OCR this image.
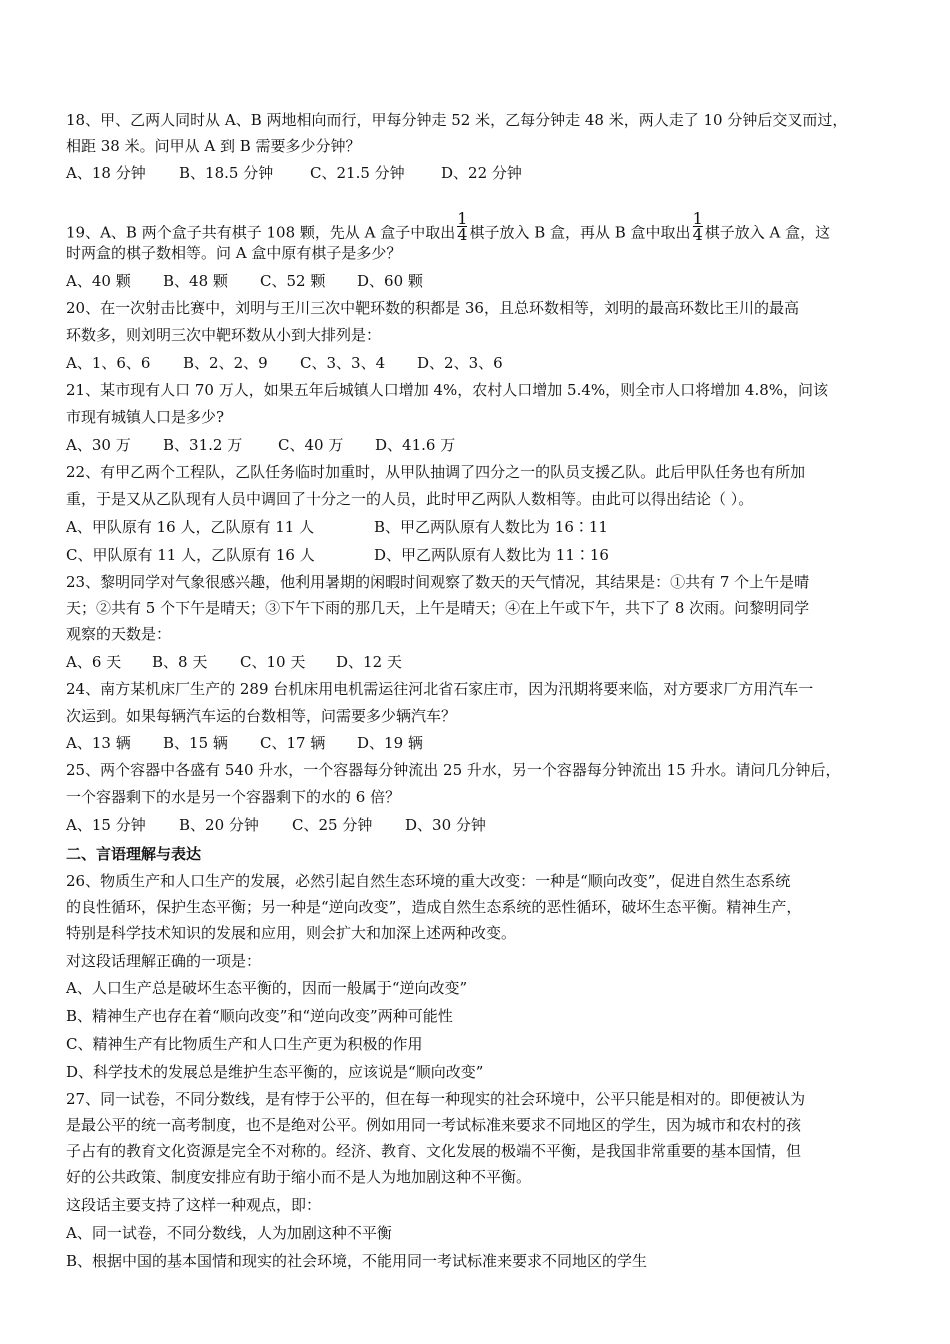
18、甲、乙两人同时从 A、B 两地相向而行，甲每分钟走 52 米，乙每分钟走 48 米，两人走了 10 分钟后交叉而过，
相距 38 米。问甲从 A 到 B 需要多少分钟？
A、18 分钟 B、18.5 分钟 C、21.5 分钟 D、22 分钟
19、A、B 两个盒子共有棋子 108 颗，先从 A 盒子中取出 $\frac{1}{4}$ 棋子放入 B 盒，再从 B 盒中取出 $\frac{1}{4}$ 棋子放入 A 盒，这
时两盒的棋子数相等。问 A 盒中原有棋子是多少？
A、40 颗 B、48 颗 C、52 颗 D、60 颗
20、在一次射击比赛中，刘明与王川三次中靶环数的积都是 36，且总环数相等，刘明的最高环数比王川的最高
环数多，则刘明三次中靶环数从小到大排列是：
A、1、6、6 B、2、2、9 C、3、3、4 D、2、3、6
21、某市现有人口 70 万人，如果五年后城镇人口增加 4%，农村人口增加 5.4%，则全市人口将增加 4.8%，问该
市现有城镇人口是多少?
A、30 万 B、31.2 万 C、40 万 D、41.6 万
22、有甲乙两个工程队，乙队任务临时加重时，从甲队抽调了四分之一的队员支援乙队。此后甲队任务也有所加
重，于是又从乙队现有人员中调回了十分之一的人员，此时甲乙两队人数相等。由此可以得出结论（ ）。
A、甲队原有 16 人，乙队原有 11 人	B、甲乙两队原有人数比为 16∶11
C、甲队原有 11 人，乙队原有 16 人	D、甲乙两队原有人数比为 11∶16
23、黎明同学对气象很感兴趣，他利用暑期的闲暇时间观察了数天的天气情况，其结果是：①共有 7 个上午是晴
天；②共有 5 个下午是晴天；③下午下雨的那几天，上午是晴天；④在上午或下午，共下了 8 次雨。问黎明同学
观察的天数是：
A、6 天 B、8 天 C、10 天 D、12 天
24、南方某机床厂生产的 289 台机床用电机需运往河北省石家庄市，因为汛期将要来临，对方要求厂方用汽车一
次运到。如果每辆汽车运的台数相等，问需要多少辆汽车？
A、13 辆 B、15 辆 C、17 辆 D、19 辆
25、两个容器中各盛有 540 升水，一个容器每分钟流出 25 升水，另一个容器每分钟流出 15 升水。请问几分钟后，
一个容器剩下的水是另一个容器剩下的水的 6 倍？
A、15 分钟 B、20 分钟 C、25 分钟 D、30 分钟
二、言语理解与表达
26、物质生产和人口生产的发展，必然引起自然生态环境的重大改变：一种是“顺向改变”，促进自然生态系统
的良性循环，保护生态平衡；另一种是“逆向改变”，造成自然生态系统的恶性循环，破坏生态平衡。精神生产，
特别是科学技术知识的发展和应用，则会扩大和加深上述两种改变。
对这段话理解正确的一项是：
A、人口生产总是破坏生态平衡的，因而一般属于“逆向改变”
B、精神生产也存在着“顺向改变”和“逆向改变”两种可能性
C、精神生产有比物质生产和人口生产更为积极的作用
D、科学技术的发展总是维护生态平衡的，应该说是“顺向改变”
27、同一试卷，不同分数线，是有悖于公平的，但在每一种现实的社会环境中，公平只能是相对的。即便被认为
是最公平的统一高考制度，也不是绝对公平。例如用同一考试标准来要求不同地区的学生，因为城市和农村的孩
子占有的教育文化资源是完全不对称的。经济、教育、文化发展的极端不平衡，是我国非常重要的基本国情，但
好的公共政策、制度安排应有助于缩小而不是人为地加剧这种不平衡。
这段话主要支持了这样一种观点，即：
A、同一试卷，不同分数线，人为加剧这种不平衡
B、根据中国的基本国情和现实的社会环境，不能用同一考试标准来要求不同地区的学生
